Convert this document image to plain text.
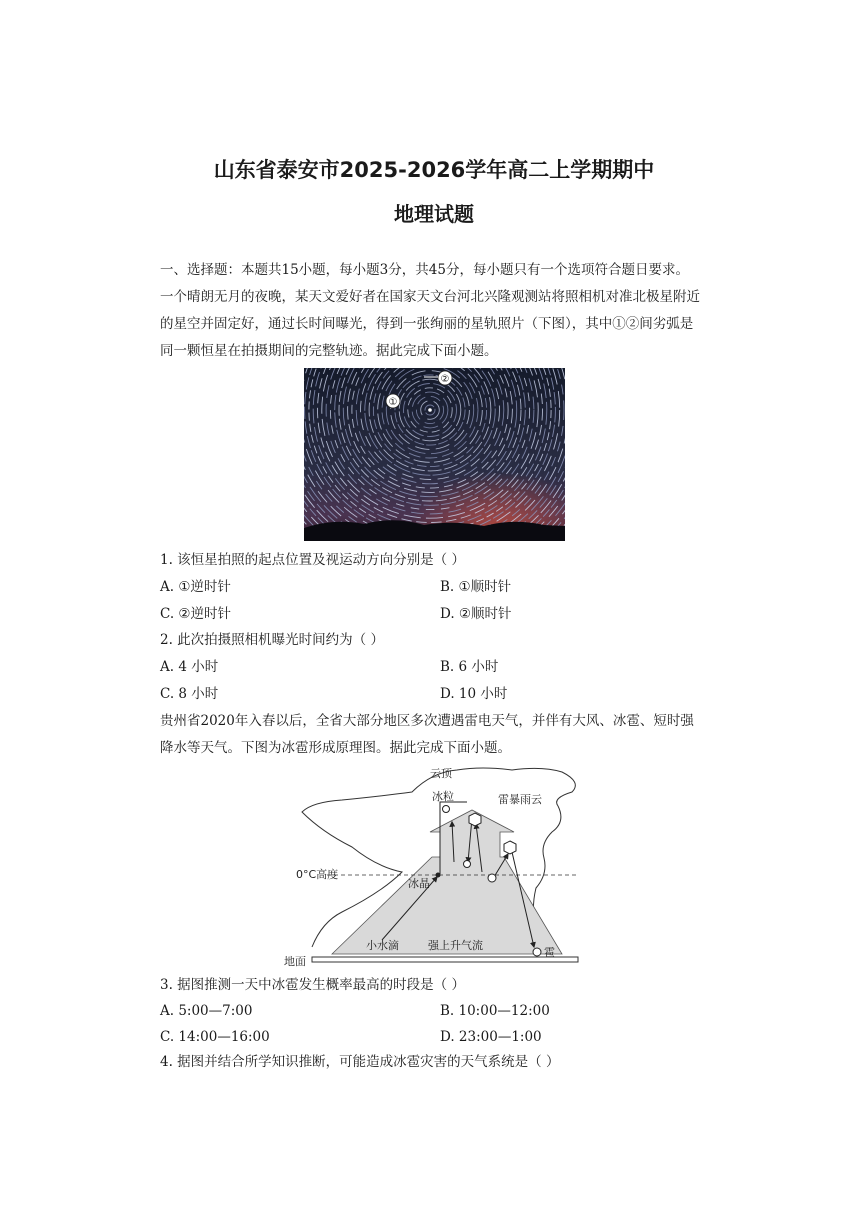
山东省泰安市2025-2026学年高二上学期期中
地理试题
一、选择题：本题共15小题，每小题3分，共45分，每小题只有一个选项符合题日要求。
一个晴朗无月的夜晚，某天文爱好者在国家天文台河北兴隆观测站将照相机对准北极星附近
的星空并固定好，通过长时间曝光，得到一张绚丽的星轨照片（下图），其中①②间劣弧是
同一颗恒星在拍摄期间的完整轨迹。据此完成下面小题。
①
②
1. 该恒星拍照的起点位置及视运动方向分别是（ ）
A. ①逆时针	B. ①顺时针
C. ②逆时针	D. ②顺时针
2. 此次拍摄照相机曝光时间约为（ ）
A. 4 小时	B. 6 小时
C. 8 小时	D. 10 小时
贵州省2020年入春以后，全省大部分地区多次遭遇雷电天气，并伴有大风、冰雹、短时强
降水等天气。下图为冰雹形成原理图。据此完成下面小题。
云顶
冰粒	雷暴雨云
0°C高度
冰晶
小水滴	强上升气流
地面
雹
3. 据图推测一天中冰雹发生概率最高的时段是（ ）
A. 5:00—7:00	B. 10:00—12:00
C. 14:00—16:00	D. 23:00—1:00
4. 据图并结合所学知识推断，可能造成冰雹灾害的天气系统是（ ）
